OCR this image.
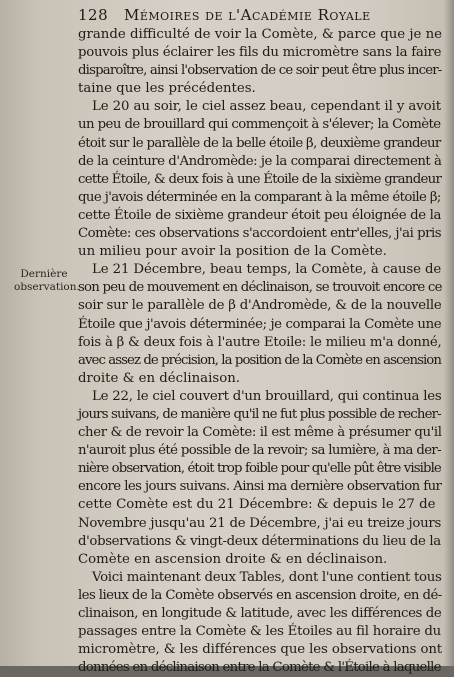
128 Mémoires de l'Académie Royale
Dernière
observation.
grande difficulté de voir la Comète, & parce que je ne
pouvois plus éclairer les fils du micromètre sans la faire
disparoître, ainsi l'observation de ce soir peut être plus incer-
taine que les précédentes.
Le 20 au soir, le ciel assez beau, cependant il y avoit
un peu de brouillard qui commençoit à s'élever; la Comète
étoit sur le parallèle de la belle étoile β, deuxième grandeur
de la ceinture d'Andromède: je la comparai directement à
cette Étoile, & deux fois à une Étoile de la sixième grandeur
que j'avois déterminée en la comparant à la même étoile β;
cette Étoile de sixième grandeur étoit peu éloignée de la
Comète: ces observations s'accordoient entr'elles, j'ai pris
un milieu pour avoir la position de la Comète.
Le 21 Décembre, beau temps, la Comète, à cause de
son peu de mouvement en déclinaison, se trouvoit encore ce
soir sur le parallèle de β d'Andromède, & de la nouvelle
Étoile que j'avois déterminée; je comparai la Comète une
fois à β & deux fois à l'autre Etoile: le milieu m'a donné,
avec assez de précision, la position de la Comète en ascension
droite & en déclinaison.
Le 22, le ciel couvert d'un brouillard, qui continua les
jours suivans, de manière qu'il ne fut plus possible de recher-
cher & de revoir la Comète: il est même à présumer qu'il
n'auroit plus été possible de la revoir; sa lumière, à ma der-
nière observation, étoit trop foible pour qu'elle pût être visible
encore les jours suivans. Ainsi ma dernière observation fur
cette Comète est du 21 Décembre: & depuis le 27 de
Novembre jusqu'au 21 de Décembre, j'ai eu treize jours
d'observations & vingt-deux déterminations du lieu de la
Comète en ascension droite & en déclinaison.
Voici maintenant deux Tables, dont l'une contient tous
les lieux de la Comète observés en ascension droite, en dé-
clinaison, en longitude & latitude, avec les différences de
passages entre la Comète & les Étoiles au fil horaire du
micromètre, & les différences que les observations ont
données en déclinaison entre la Comète & l'Étoile à laquelle
